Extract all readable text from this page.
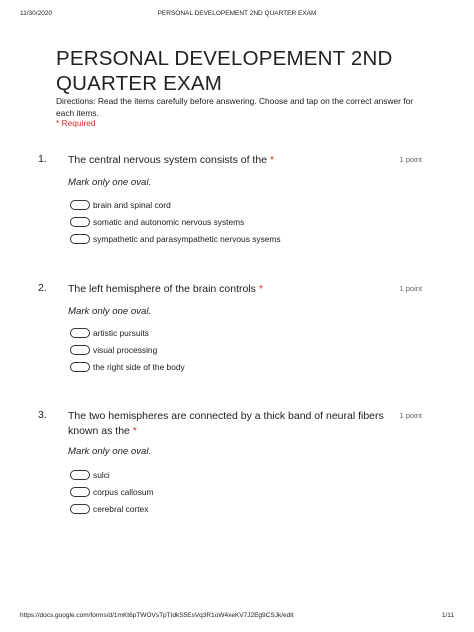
11/30/2020	PERSONAL DEVELOPEMENT 2ND QUARTER EXAM
PERSONAL DEVELOPEMENT 2ND
QUARTER EXAM
Directions: Read the items carefully before answering. Choose and tap on the correct answer for each items.
* Required
1. The central nervous system consists of the *	1 point
Mark only one oval.
brain and spinal cord
somatic and autonomic nervous systems
sympathetic and parasympathetic nervous sysems
2. The left hemisphere of the brain controls *	1 point
Mark only one oval.
artistic pursuits
visual processing
the right side of the body
3. The two hemispheres are connected by a thick band of neural fibers known as the *
1 point
Mark only one oval.
sulci
corpus callosum
cerebral cortex
https://docs.google.com/forms/d/1mKt6pTWOVsTpTIdkS5EsVq3R1oW4xeKV7J2Eg9CSJk/edit	1/11
